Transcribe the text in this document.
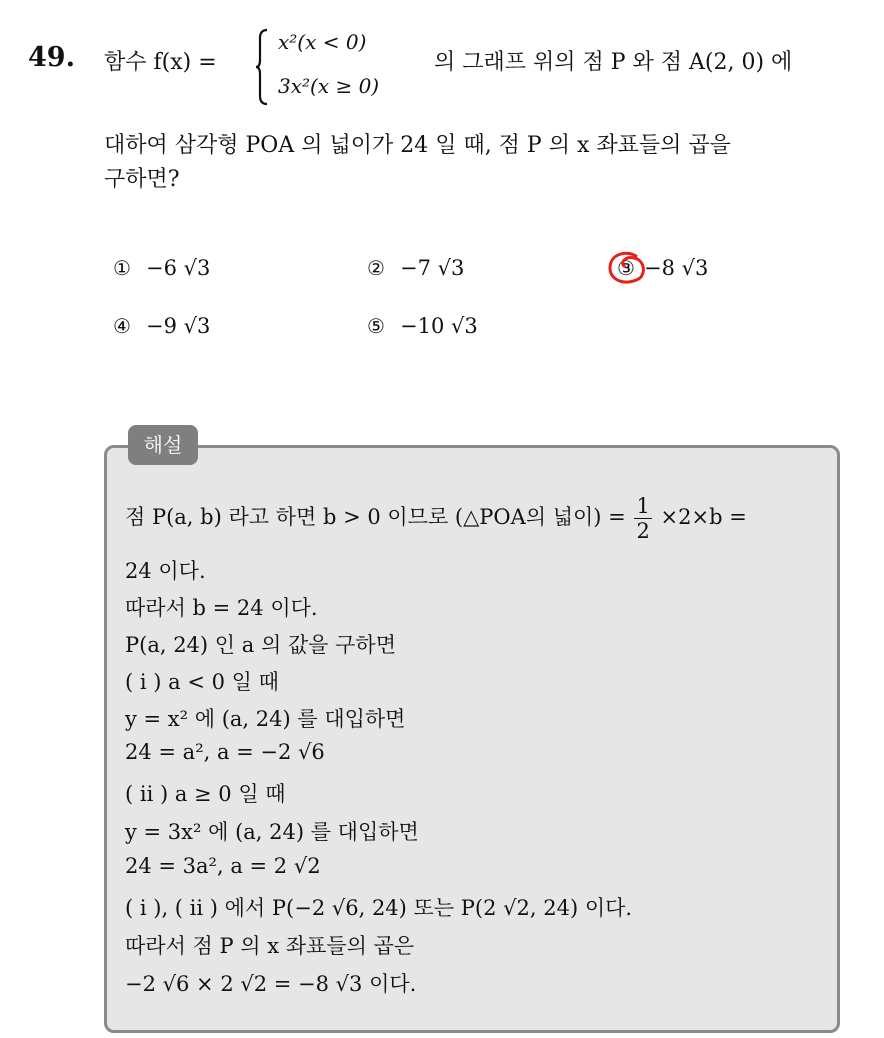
49. 함수 f(x) =
x²(x < 0)
3x²(x ≥ 0)
의 그래프 위의 점 P 와 점 A(2, 0) 에
대하여 삼각형 POA 의 넓이가 24 일 때, 점 P 의 x 좌표들의 곱을
구하면?
① −6 √3	② −7 √3	③ −8 √3
④ −9 √3	⑤ −10 √3
해설
점 P(a, b) 라고 하면 b > 0 이므로 (△POA의 넓이) = $\frac{1}{2} \times 2\times b$ =
24 이다.
따라서 b = 24 이다.
P(a, 24) 인 a 의 값을 구하면
( i ) a < 0 일 때
y = x² 에 (a, 24) 를 대입하면
24 = a², a = −2 √6
( ii ) a ≥ 0 일 때
y = 3x² 에 (a, 24) 를 대입하면
24 = 3a², a = 2 √2
( i ), ( ii ) 에서 P(−2 √6, 24) 또는 P(2 √2, 24) 이다.
따라서 점 P 의 x 좌표들의 곱은
−2 √6 × 2 √2 = −8 √3 이다.
